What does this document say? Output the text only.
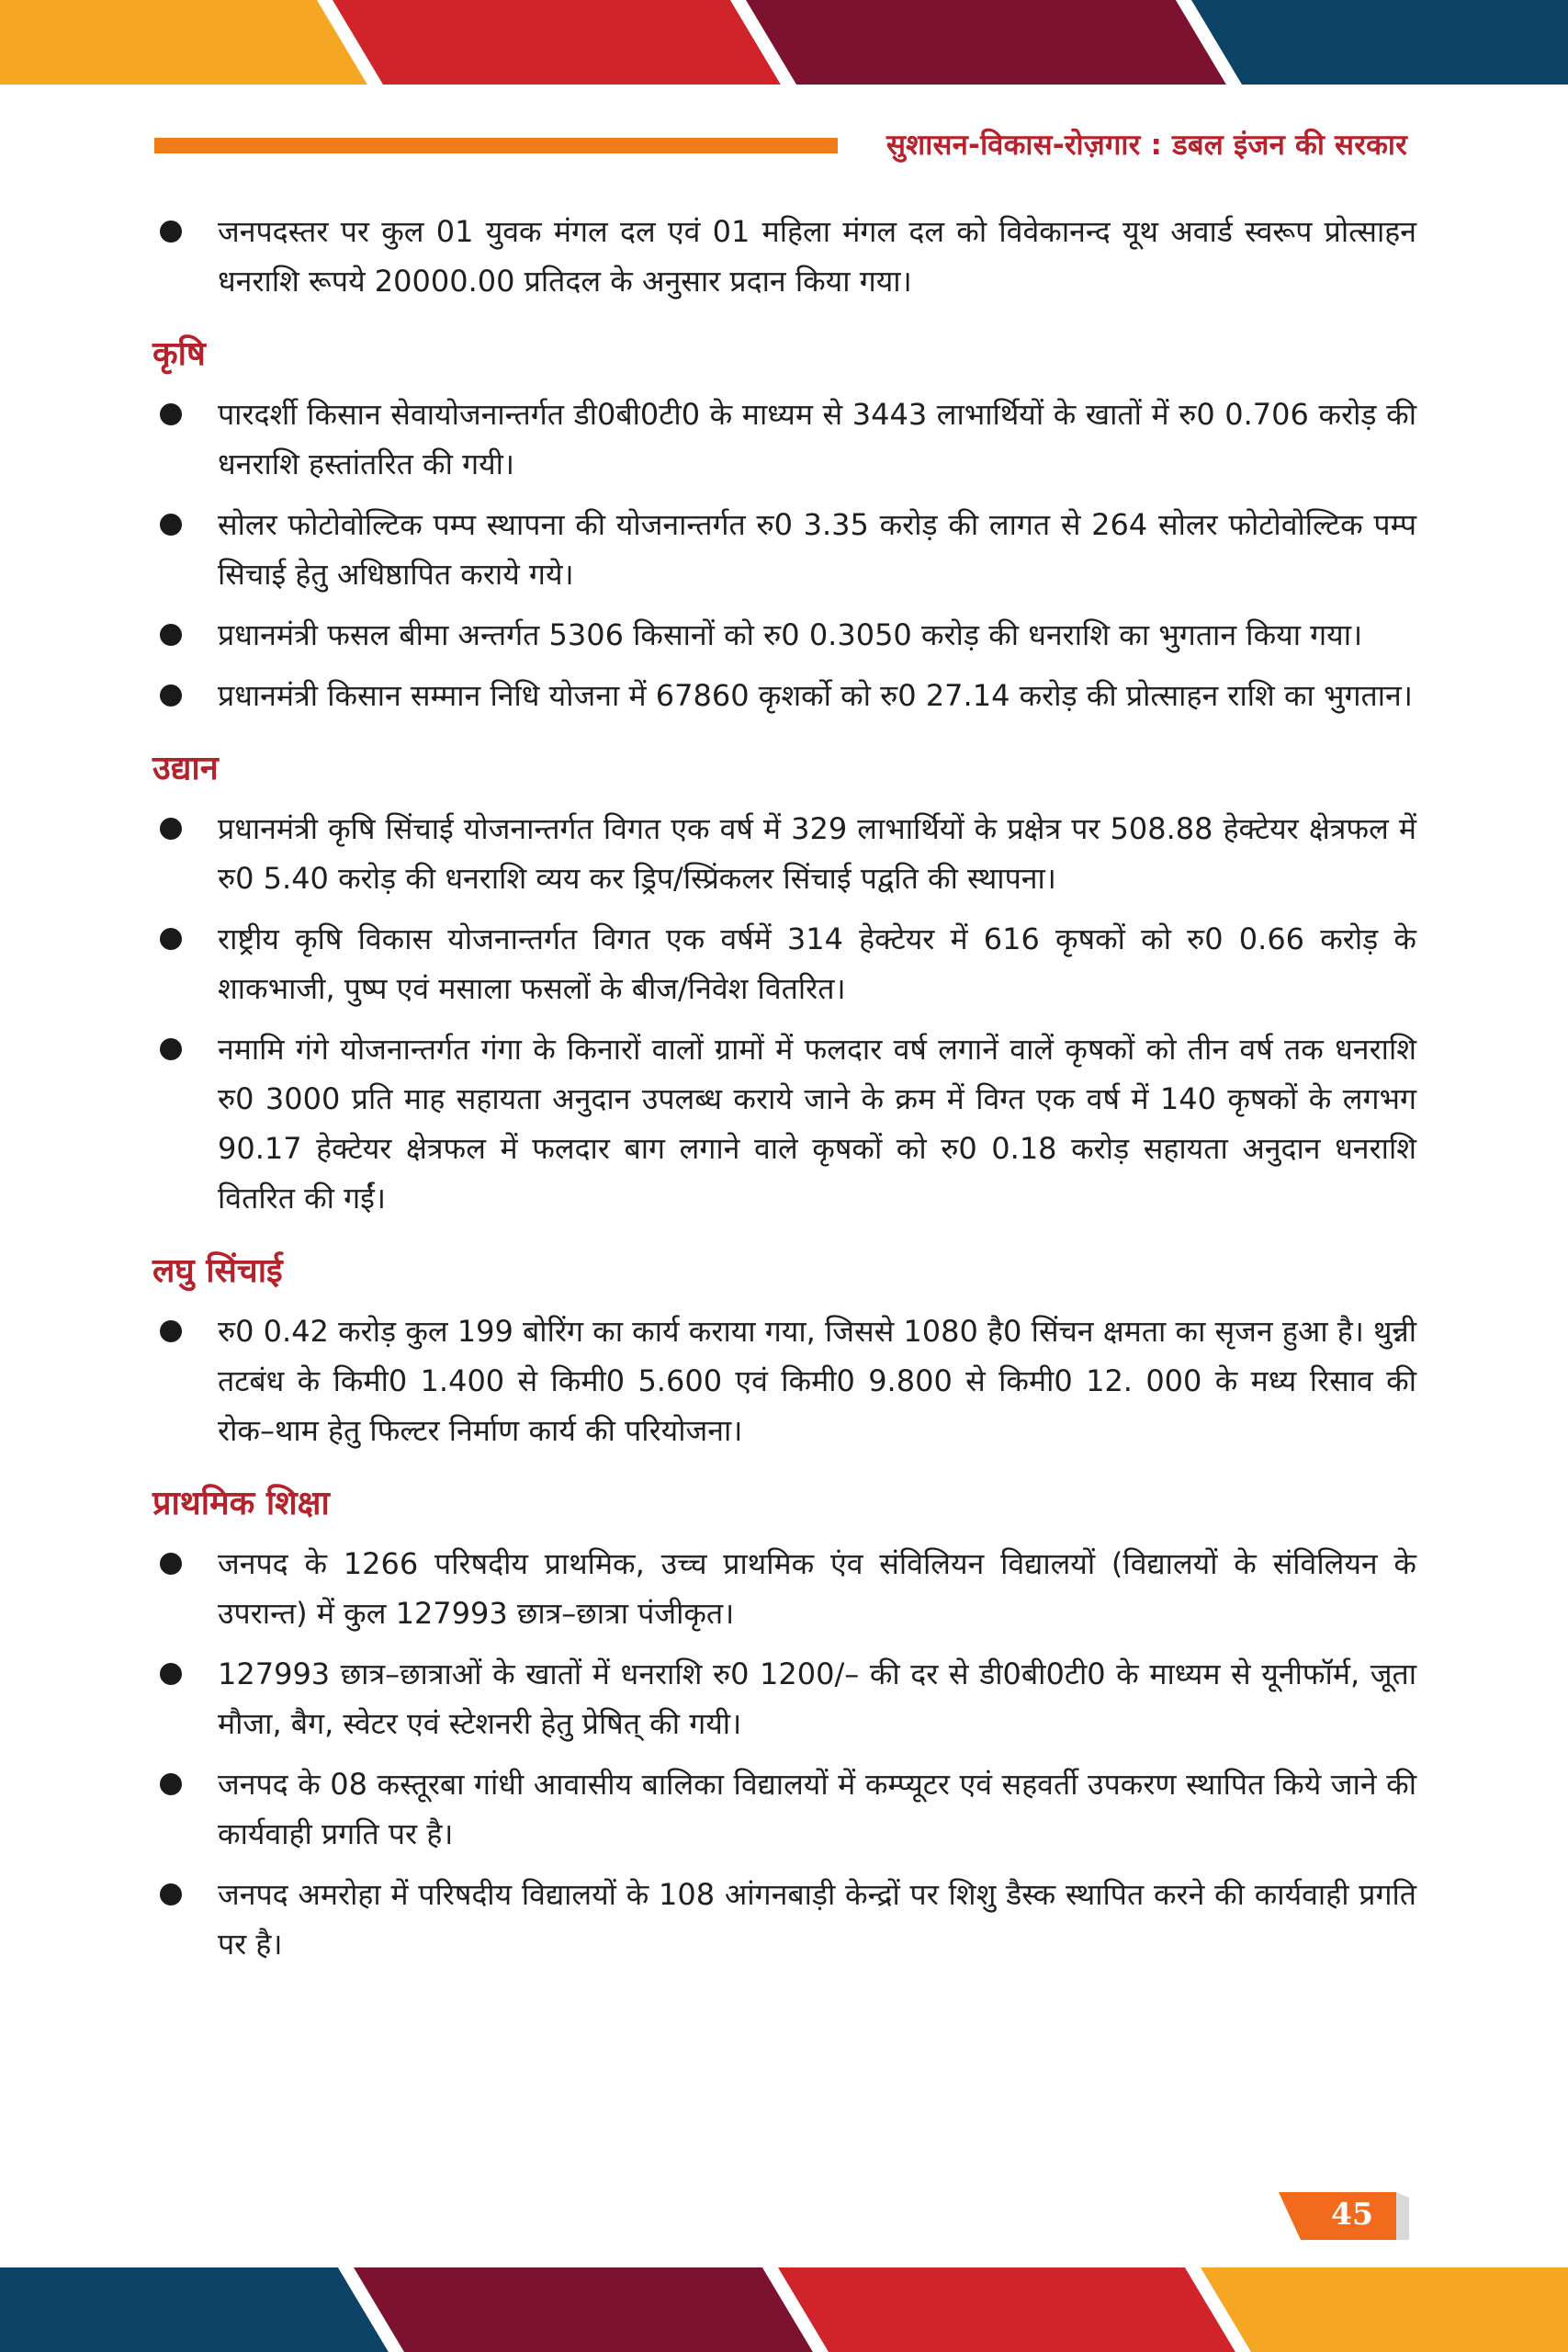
सुशासन-विकास-रोज़गार : डबल इंजन की सरकार
जनपदस्तर पर कुल 01 युवक मंगल दल एवं 01 महिला मंगल दल को विवेकानन्द यूथ अवार्ड स्वरूप प्रोत्साहन धनराशि रूपये 20000.00 प्रतिदल के अनुसार प्रदान किया गया।
कृषि
पारदर्शी किसान सेवायोजनान्तर्गत डी0बी0टी0 के माध्यम से 3443 लाभार्थियों के खातों में रु0 0.706 करोड़ की धनराशि हस्तांतरित की गयी।
सोलर फोटोवोल्टिक पम्प स्थापना की योजनान्तर्गत रु0 3.35 करोड़ की लागत से 264 सोलर फोटोवोल्टिक पम्प सिचाई हेतु अधिष्ठापित कराये गये।
प्रधानमंत्री फसल बीमा अन्तर्गत 5306 किसानों को रु0 0.3050 करोड़ की धनराशि का भुगतान किया गया।
प्रधानमंत्री किसान सम्मान निधि योजना में 67860 कृशर्को को रु0 27.14 करोड़ की प्रोत्साहन राशि का भुगतान।
उद्यान
प्रधानमंत्री कृषि सिंचाई योजनान्तर्गत विगत एक वर्ष में 329 लाभार्थियों के प्रक्षेत्र पर 508.88 हेक्टेयर क्षेत्रफल में रु0 5.40 करोड़ की धनराशि व्यय कर ड्रिप/स्प्रिंकलर सिंचाई पद्वति की स्थापना।
राष्ट्रीय कृषि विकास योजनान्तर्गत विगत एक वर्षमें 314 हेक्टेयर में 616 कृषकों को रु0 0.66 करोड़ के शाकभाजी, पुष्प एवं मसाला फसलों के बीज/निवेश वितरित।
नमामि गंगे योजनान्तर्गत गंगा के किनारों वालों ग्रामों में फलदार वर्ष लगानें वालें कृषकों को तीन वर्ष तक धनराशि रु0 3000 प्रति माह सहायता अनुदान उपलब्ध कराये जाने के क्रम में विग्त एक वर्ष में 140 कृषकों के लगभग 90.17 हेक्टेयर क्षेत्रफल में फलदार बाग लगाने वाले कृषकों को रु0 0.18 करोड़ सहायता अनुदान धनराशि वितरित की गईं।
लघु सिंचाई
रु0 0.42 करोड़ कुल 199 बोरिंग का कार्य कराया गया, जिससे 1080 है0 सिंचन क्षमता का सृजन हुआ है। थुन्नी तटबंध के किमी0 1.400 से किमी0 5.600 एवं किमी0 9.800 से किमी0 12. 000 के मध्य रिसाव की रोक–थाम हेतु फिल्टर निर्माण कार्य की परियोजना।
प्राथमिक शिक्षा
जनपद के 1266 परिषदीय प्राथमिक, उच्च प्राथमिक एंव संविलियन विद्यालयों (विद्यालयों के संविलियन के उपरान्त) में कुल 127993 छात्र–छात्रा पंजीकृत।
127993 छात्र–छात्राओं के खातों में धनराशि रु0 1200/– की दर से डी0बी0टी0 के माध्यम से यूनीफॉर्म, जूता मौजा, बैग, स्वेटर एवं स्टेशनरी हेतु प्रेषित् की गयी।
जनपद के 08 कस्तूरबा गांधी आवासीय बालिका विद्यालयों में कम्प्यूटर एवं सहवर्ती उपकरण स्थापित किये जाने की कार्यवाही प्रगति पर है।
जनपद अमरोहा में परिषदीय विद्यालयों के 108 आंगनबाड़ी केन्द्रों पर शिशु डैस्क स्थापित करने की कार्यवाही प्रगति पर है।
45
